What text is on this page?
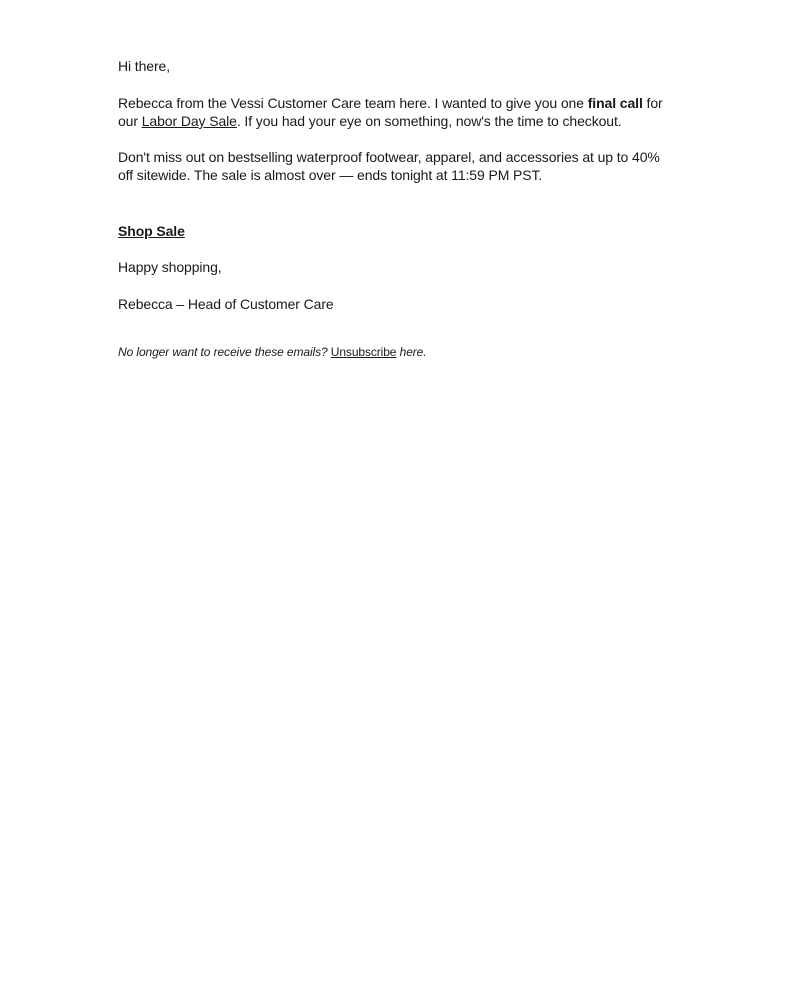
Hi there,

Rebecca from the Vessi Customer Care team here. I wanted to give you one final call for our Labor Day Sale. If you had your eye on something, now's the time to checkout.

Don't miss out on bestselling waterproof footwear, apparel, and accessories at up to 40% off sitewide. The sale is almost over — ends tonight at 11:59 PM PST.

Shop Sale

Happy shopping,

Rebecca – Head of Customer Care

No longer want to receive these emails? Unsubscribe here.
